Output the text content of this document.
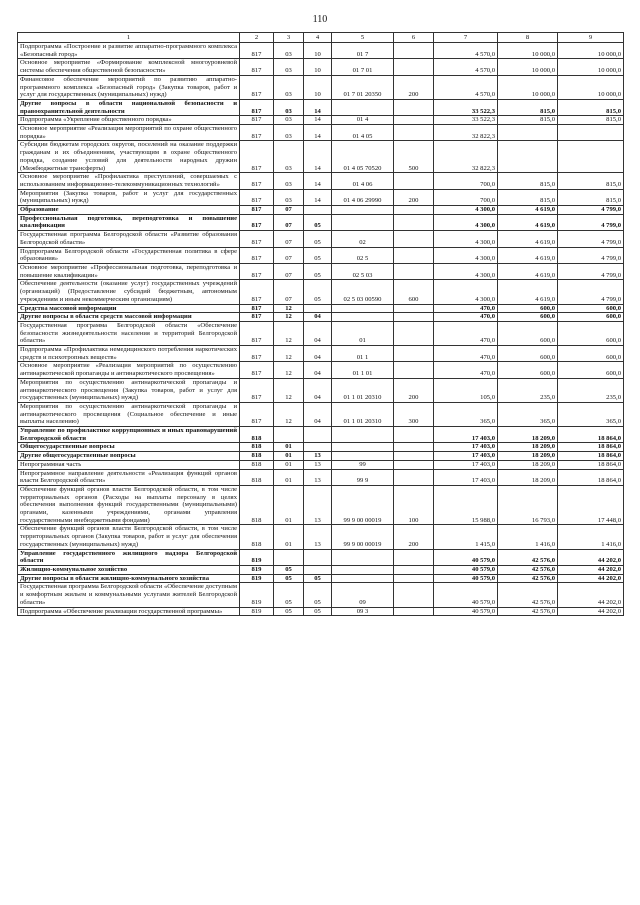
110
1	2	3	4	5	6	7	8	9
Подпрограмма «Построение и развитие аппаратно-программного комплекса «Безопасный город»	817	03	10	01 7		4 570,0	10 000,0	10 000,0
Основное мероприятие «Формирование комплексной многоуровневой системы обеспечения общественной безопасности»	817	03	10	01 7 01		4 570,0	10 000,0	10 000,0
Финансовое обеспечение мероприятий по развитию аппаратно-программного комплекса «Безопасный город» (Закупка товаров, работ и услуг для государственных (муниципальных) нужд)	817	03	10	01 7 01 20350	200	4 570,0	10 000,0	10 000,0
Другие вопросы в области национальной безопасности и правоохранительной деятельности	817	03	14			33 522,3	815,0	815,0
Подпрограмма «Укрепление общественного порядка»	817	03	14	01 4		33 522,3	815,0	815,0
Основное мероприятие «Реализация мероприятий по охране общественного порядка»	817	03	14	01 4 05		32 822,3		
Субсидии бюджетам городских округов, поселений на оказание поддержки гражданам и их объединениям, участвующим в охране общественного порядка, создание условий для деятельности народных дружин (Межбюджетные трансферты)	817	03	14	01 4 05 70520	500	32 822,3		
Основное мероприятие «Профилактика преступлений, совершаемых с использованием информационно-телекоммуникационных технологий»	817	03	14	01 4 06		700,0	815,0	815,0
Мероприятия (Закупка товаров, работ и услуг для государственных (муниципальных) нужд)	817	03	14	01 4 06 29990	200	700,0	815,0	815,0
Образование	817	07				4 300,0	4 619,0	4 799,0
Профессиональная подготовка, переподготовка и повышение квалификации	817	07	05			4 300,0	4 619,0	4 799,0
Государственная программа Белгородской области «Развитие образования Белгородской области»	817	07	05	02		4 300,0	4 619,0	4 799,0
Подпрограмма Белгородской области «Государственная политика в сфере образования»	817	07	05	02 5		4 300,0	4 619,0	4 799,0
Основное мероприятие «Профессиональная подготовка, переподготовка и повышение квалификации»	817	07	05	02 5 03		4 300,0	4 619,0	4 799,0
Обеспечение деятельности (оказание услуг) государственных учреждений (организаций) (Предоставление субсидий бюджетным, автономным учреждениям и иным некоммерческим организациям)	817	07	05	02 5 03 00590	600	4 300,0	4 619,0	4 799,0
Средства массовой информации	817	12				470,0	600,0	600,0
Другие вопросы в области средств массовой информации	817	12	04			470,0	600,0	600,0
Государственная программа Белгородской области «Обеспечение безопасности жизнедеятельности населения и территорий Белгородской области»	817	12	04	01		470,0	600,0	600,0
Подпрограмма «Профилактика немедицинского потребления наркотических средств и психотропных веществ»	817	12	04	01 1		470,0	600,0	600,0
Основное мероприятие «Реализация мероприятий по осуществлению антинаркотической пропаганды и антинаркотического просвещения»	817	12	04	01 1 01		470,0	600,0	600,0
Мероприятия по осуществлению антинаркотической пропаганды и антинаркотического просвещения (Закупка товаров, работ и услуг для государственных (муниципальных) нужд)	817	12	04	01 1 01 20310	200	105,0	235,0	235,0
Мероприятия по осуществлению антинаркотической пропаганды и антинаркотического просвещения (Социальное обеспечение и иные выплаты населению)	817	12	04	01 1 01 20310	300	365,0	365,0	365,0
Управление по профилактике коррупционных и иных правонарушений Белгородской области	818					17 403,0	18 209,0	18 864,0
Общегосударственные вопросы	818	01				17 403,0	18 209,0	18 864,0
Другие общегосударственные вопросы	818	01	13			17 403,0	18 209,0	18 864,0
Непрограммная часть	818	01	13	99		17 403,0	18 209,0	18 864,0
Непрограммное направление деятельности «Реализация функций органов власти Белгородской области»	818	01	13	99 9		17 403,0	18 209,0	18 864,0
Обеспечение функций органов власти Белгородской области, в том числе территориальных органов (Расходы на выплаты персоналу в целях обеспечения выполнения функций государственными (муниципальными) органами, казенными учреждениями, органами управления государственными внебюджетными фондами)	818	01	13	99 9 00 00019	100	15 988,0	16 793,0	17 448,0
Обеспечение функций органов власти Белгородской области, в том числе территориальных органов (Закупка товаров, работ и услуг для обеспечения государственных (муниципальных) нужд)	818	01	13	99 9 00 00019	200	1 415,0	1 416,0	1 416,0
Управление государственного жилищного надзора Белгородской области	819					40 579,0	42 576,0	44 202,0
Жилищно-коммунальное хозяйство	819	05				40 579,0	42 576,0	44 202,0
Другие вопросы в области жилищно-коммунального хозяйства	819	05	05			40 579,0	42 576,0	44 202,0
Государственная программа Белгородской области «Обеспечение доступным и комфортным жильем и коммунальными услугами жителей Белгородской области»	819	05	05	09		40 579,0	42 576,0	44 202,0
Подпрограмма «Обеспечение реализации государственной программы»	819	05	05	09 3		40 579,0	42 576,0	44 202,0
